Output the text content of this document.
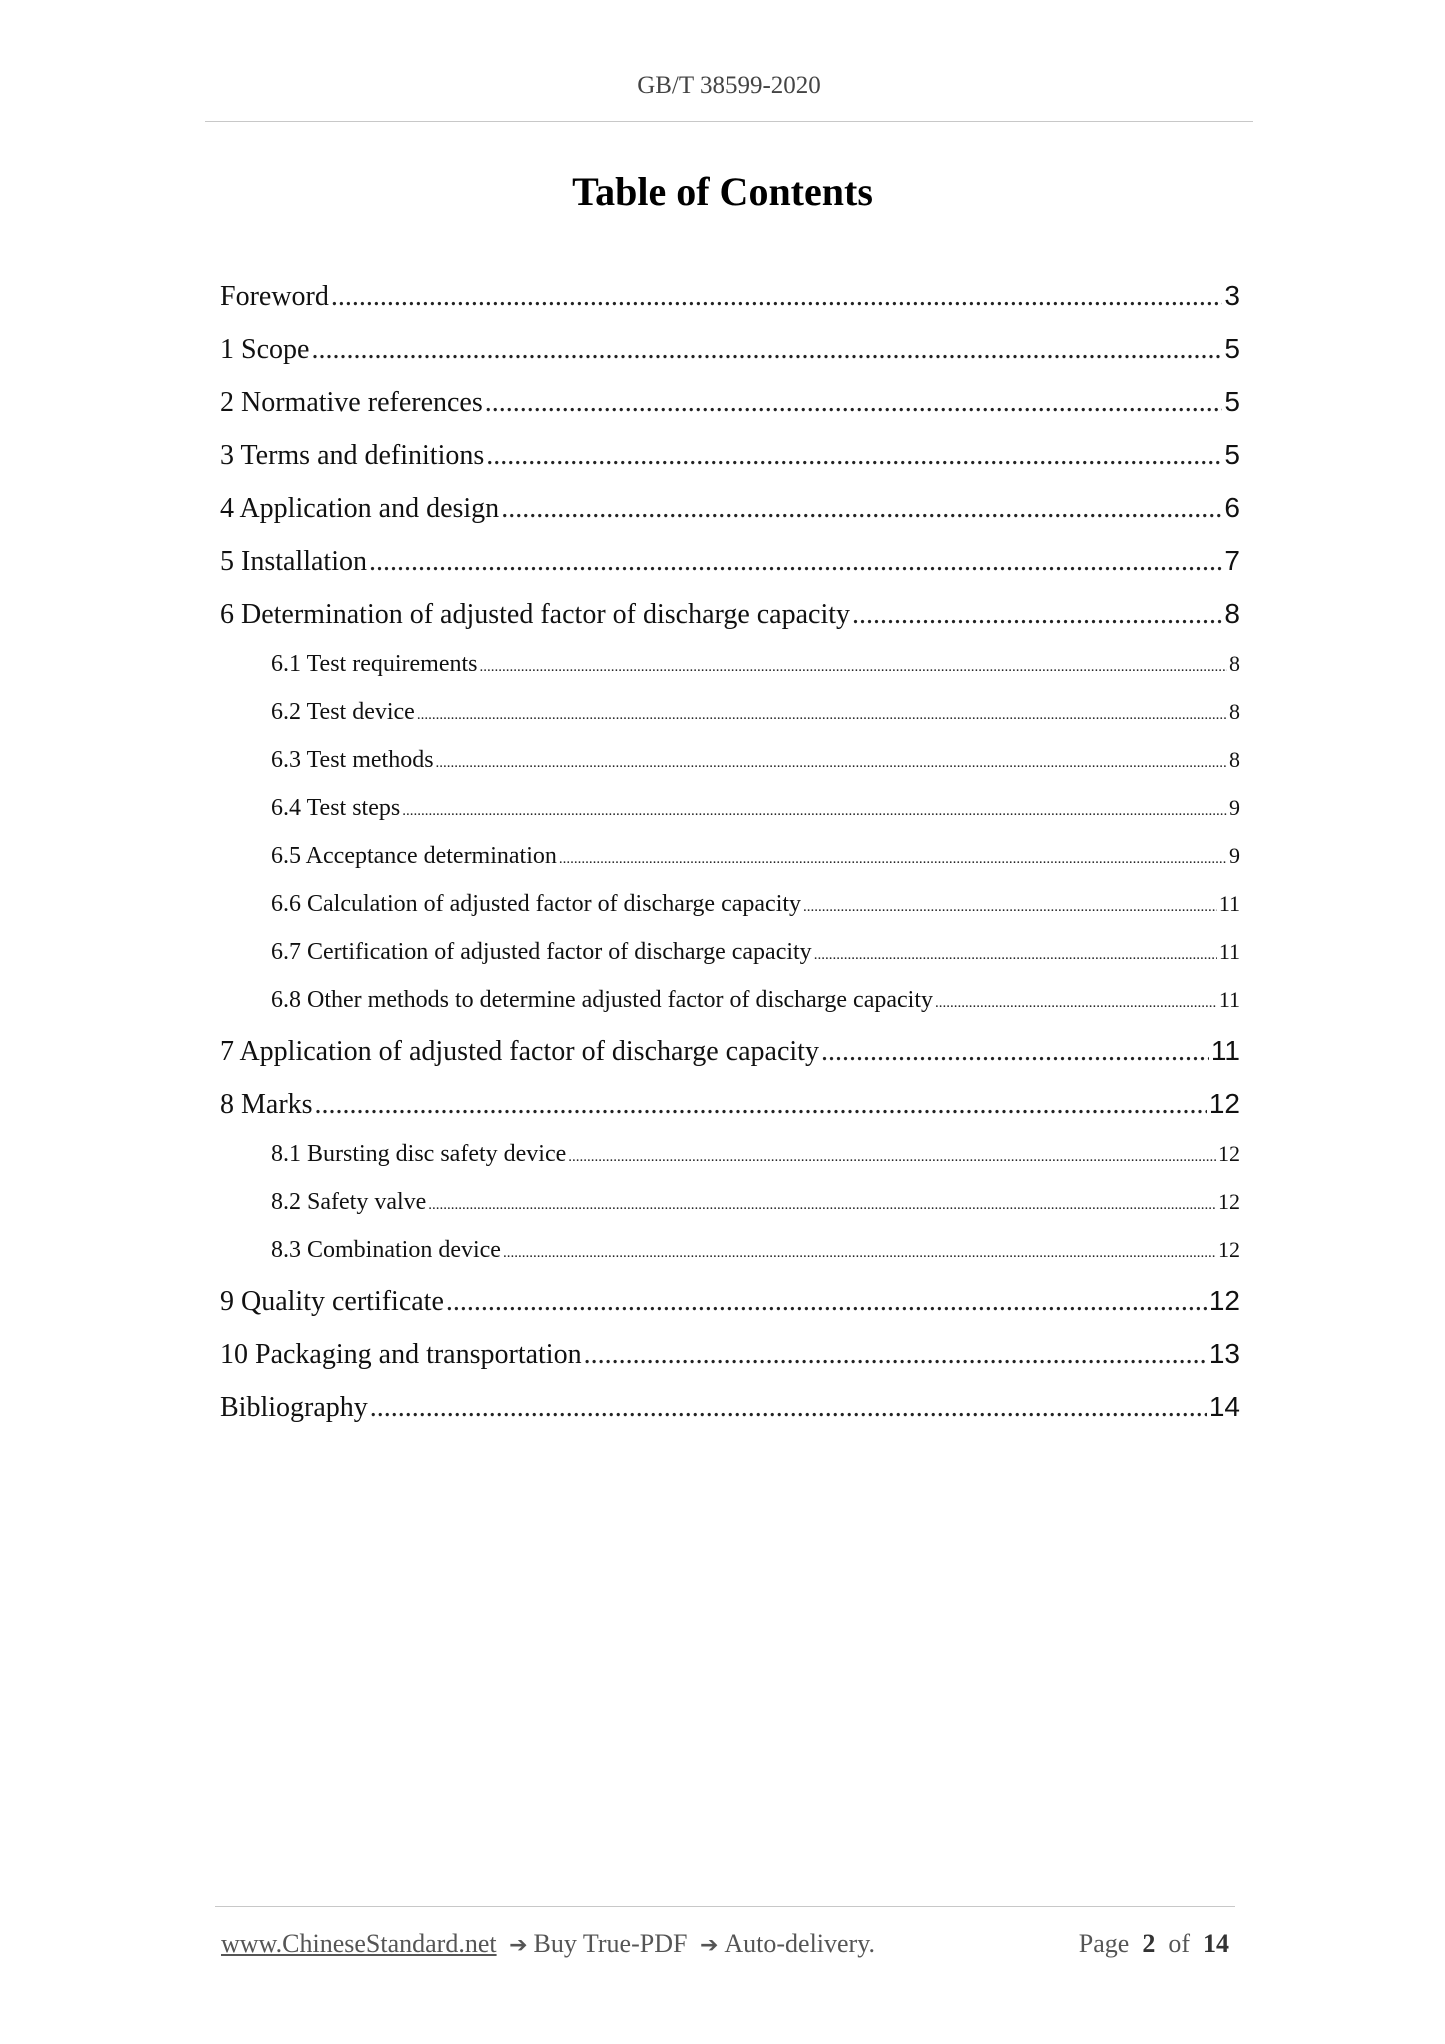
GB/T 38599-2020
Table of Contents
Foreword .....	3
1 Scope .....	5
2 Normative references .....	5
3 Terms and definitions .....	5
4 Application and design .....	6
5 Installation .....	7
6 Determination of adjusted factor of discharge capacity .....	8
6.1 Test requirements .....	8
6.2 Test device .....	8
6.3 Test methods .....	8
6.4 Test steps .....	9
6.5 Acceptance determination .....	9
6.6 Calculation of adjusted factor of discharge capacity .....	11
6.7 Certification of adjusted factor of discharge capacity .....	11
6.8 Other methods to determine adjusted factor of discharge capacity .....	11
7 Application of adjusted factor of discharge capacity .....	11
8 Marks .....	12
8.1 Bursting disc safety device .....	12
8.2 Safety valve .....	12
8.3 Combination device .....	12
9 Quality certificate .....	12
10 Packaging and transportation .....	13
Bibliography .....	14
www.ChineseStandard.net ➔ Buy True-PDF ➔ Auto-delivery.	Page 2 of 14
